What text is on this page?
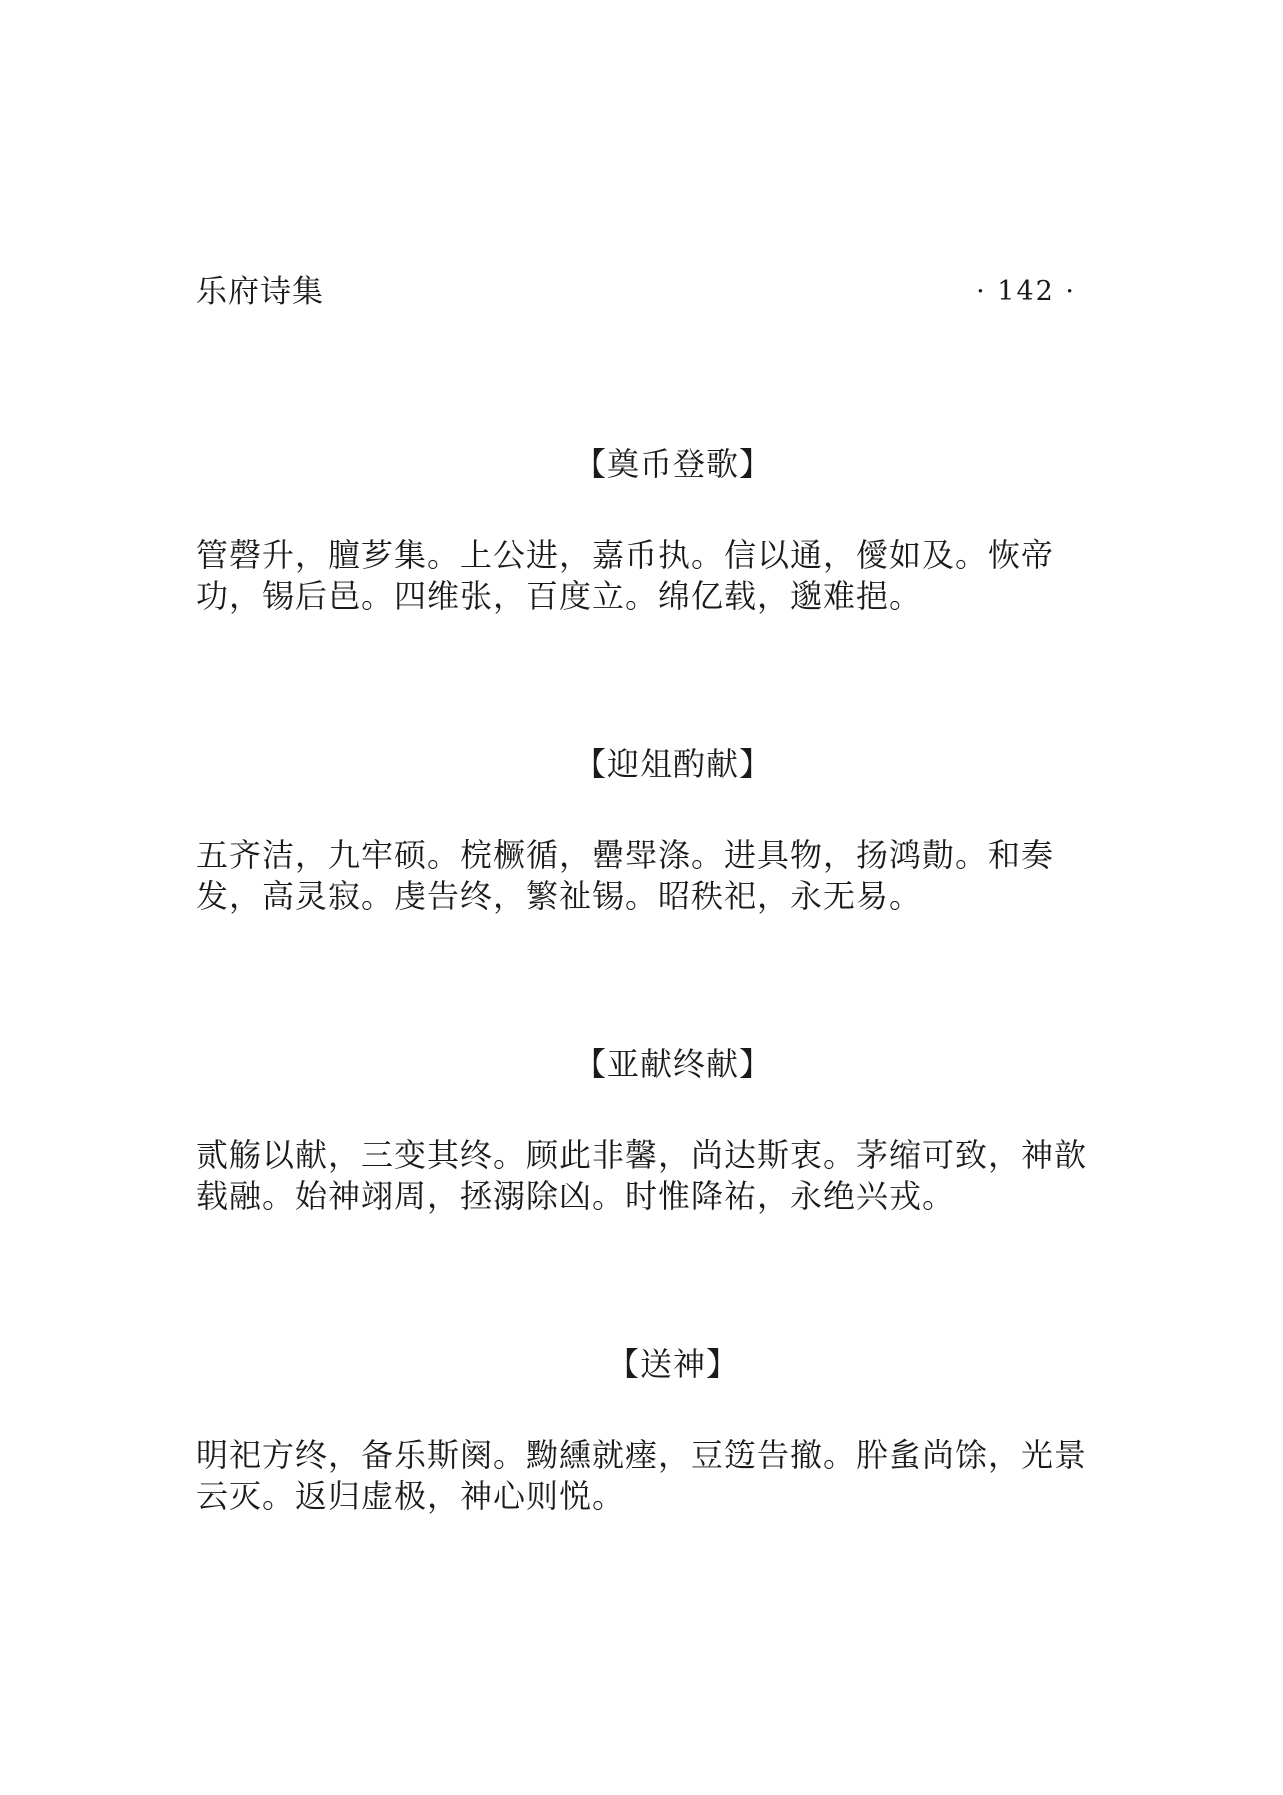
乐府诗集	· 142 ·
【奠币登歌】
管磬升，膻芗集。上公进，嘉币执。信以通，僾如及。恢帝功，锡后邑。四维张，百度立。绵亿载，邈难挹。
【迎俎酌献】
五齐洁，九牢硕。梡橛循，罍斝涤。进具物，扬鸿勣。和奏发，高灵寂。虔告终，繁祉锡。昭秩祀，永无易。
【亚献终献】
贰觞以献，三变其终。顾此非馨，尚达斯衷。茅缩可致，神歆载融。始神翊周，拯溺除凶。时惟降祐，永绝兴戎。
【送神】
明祀方终，备乐斯阕。黝纁就瘗，豆笾告撤。肸蚃尚馀，光景云灭。返归虚极，神心则悦。
